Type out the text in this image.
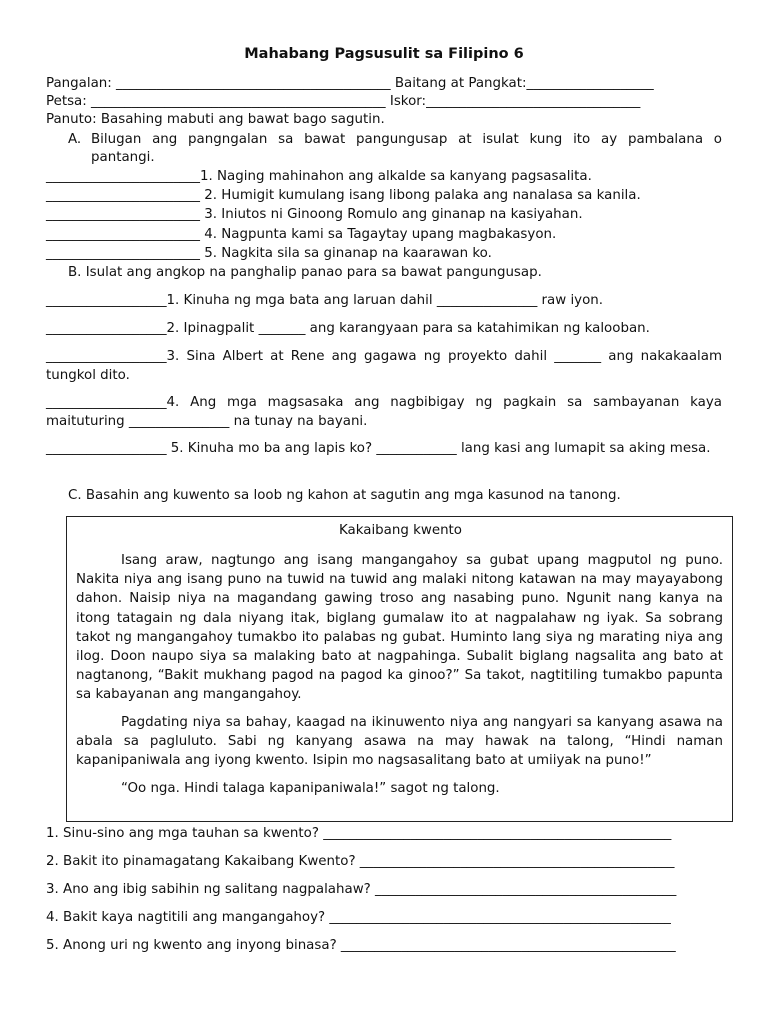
Mahabang Pagsusulit sa Filipino 6
Pangalan: _________________________________________ Baitang at Pangkat:___________________
Petsa: ____________________________________________ Iskor:________________________________
Panuto: Basahing mabuti ang bawat bago sagutin.
A. Bilugan ang pangngalan sa bawat pangungusap at isulat kung ito ay pambalana o
pantangi.
_______________________1. Naging mahinahon ang alkalde sa kanyang pagsasalita.
_______________________ 2. Humigit kumulang isang libong palaka ang nanalasa sa kanila.
_______________________ 3. Iniutos ni Ginoong Romulo ang ginanap na kasiyahan.
_______________________ 4. Nagpunta kami sa Tagaytay upang magbakasyon.
_______________________ 5. Nagkita sila sa ginanap na kaarawan ko.
B. Isulat ang angkop na panghalip panao para sa bawat pangungusap.
__________________1. Kinuha ng mga bata ang laruan dahil _______________ raw iyon.
__________________2. Ipinagpalit _______ ang karangyaan para sa katahimikan ng kalooban.
__________________3. Sina Albert at Rene ang gagawa ng proyekto dahil _______ ang nakakaalam tungkol dito.
__________________4. Ang mga magsasaka ang nagbibigay ng pagkain sa sambayanan kaya maituturing _______________ na tunay na bayani.
__________________ 5. Kinuha mo ba ang lapis ko? ____________ lang kasi ang lumapit sa aking mesa.
C. Basahin ang kuwento sa loob ng kahon at sagutin ang mga kasunod na tanong.
Kakaibang kwento
Isang araw, nagtungo ang isang mangangahoy sa gubat upang magputol ng puno. Nakita niya ang isang puno na tuwid na tuwid ang malaki nitong katawan na may mayayabong dahon. Naisip niya na magandang gawing troso ang nasabing puno. Ngunit nang kanya na itong tatagain ng dala niyang itak, biglang gumalaw ito at nagpalahaw ng iyak. Sa sobrang takot ng mangangahoy tumakbo ito palabas ng gubat. Huminto lang siya ng marating niya ang ilog. Doon naupo siya sa malaking bato at nagpahinga. Subalit biglang nagsalita ang bato at nagtanong, “Bakit mukhang pagod na pagod ka ginoo?” Sa takot, nagtitiling tumakbo papunta sa kabayanan ang mangangahoy.
Pagdating niya sa bahay, kaagad na ikinuwento niya ang nangyari sa kanyang asawa na abala sa pagluluto. Sabi ng kanyang asawa na may hawak na talong, “Hindi naman kapanipaniwala ang iyong kwento. Isipin mo nagsasalitang bato at umiiyak na puno!”
“Oo nga. Hindi talaga kapanipaniwala!” sagot ng talong.
1. Sinu-sino ang mga tauhan sa kwento? ____________________________________________________
2. Bakit ito pinamagatang Kakaibang Kwento? _______________________________________________
3. Ano ang ibig sabihin ng salitang nagpalahaw? _____________________________________________
4. Bakit kaya nagtitili ang mangangahoy? ___________________________________________________
5. Anong uri ng kwento ang inyong binasa? __________________________________________________
